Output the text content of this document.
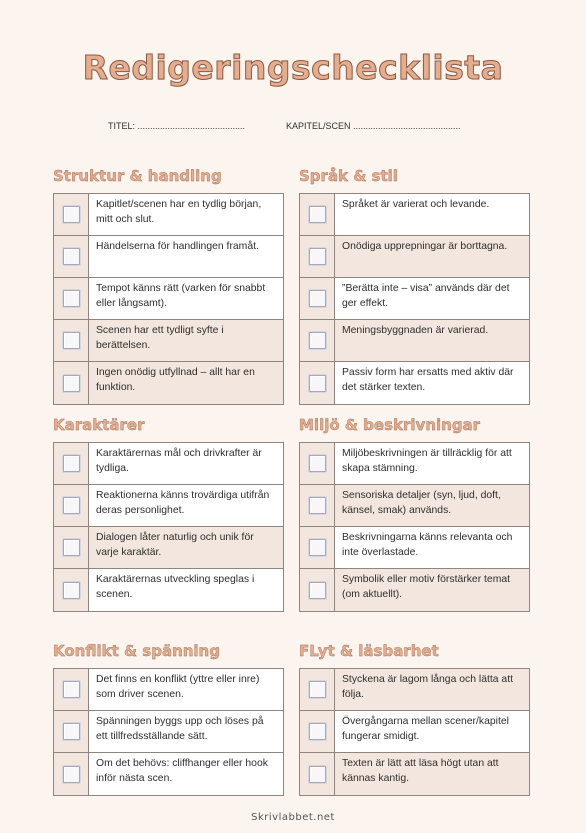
Redigeringschecklista
TITEL: ...........................................	KAPITEL/SCEN ...........................................
Struktur & handling
Kapitlet/scenen har en tydlig början, mitt och slut.
Händelserna för handlingen framåt.
Tempot känns rätt (varken för snabbt eller långsamt).
Scenen har ett tydligt syfte i berättelsen.
Ingen onödig utfyllnad – allt har en funktion.
Språk & stil
Språket är varierat och levande.
Onödiga upprepningar är borttagna.
”Berätta inte – visa” används där det ger effekt.
Meningsbyggnaden är varierad.
Passiv form har ersatts med aktiv där det stärker texten.
Karaktärer
Karaktärernas mål och drivkrafter är tydliga.
Reaktionerna känns trovärdiga utifrån deras personlighet.
Dialogen låter naturlig och unik för varje karaktär.
Karaktärernas utveckling speglas i scenen.
Miljö & beskrivningar
Miljöbeskrivningen är tillräcklig för att skapa stämning.
Sensoriska detaljer (syn, ljud, doft, känsel, smak) används.
Beskrivningarna känns relevanta och inte överlastade.
Symbolik eller motiv förstärker temat (om aktuellt).
Konflikt & spänning
Det finns en konflikt (yttre eller inre) som driver scenen.
Spänningen byggs upp och löses på ett tillfredsställande sätt.
Om det behövs: cliffhanger eller hook inför nästa scen.
FLyt & läsbarhet
Styckena är lagom långa och lätta att följa.
Övergångarna mellan scener/kapitel fungerar smidigt.
Texten är lätt att läsa högt utan att kännas kantig.
Skrivlabbet.net
